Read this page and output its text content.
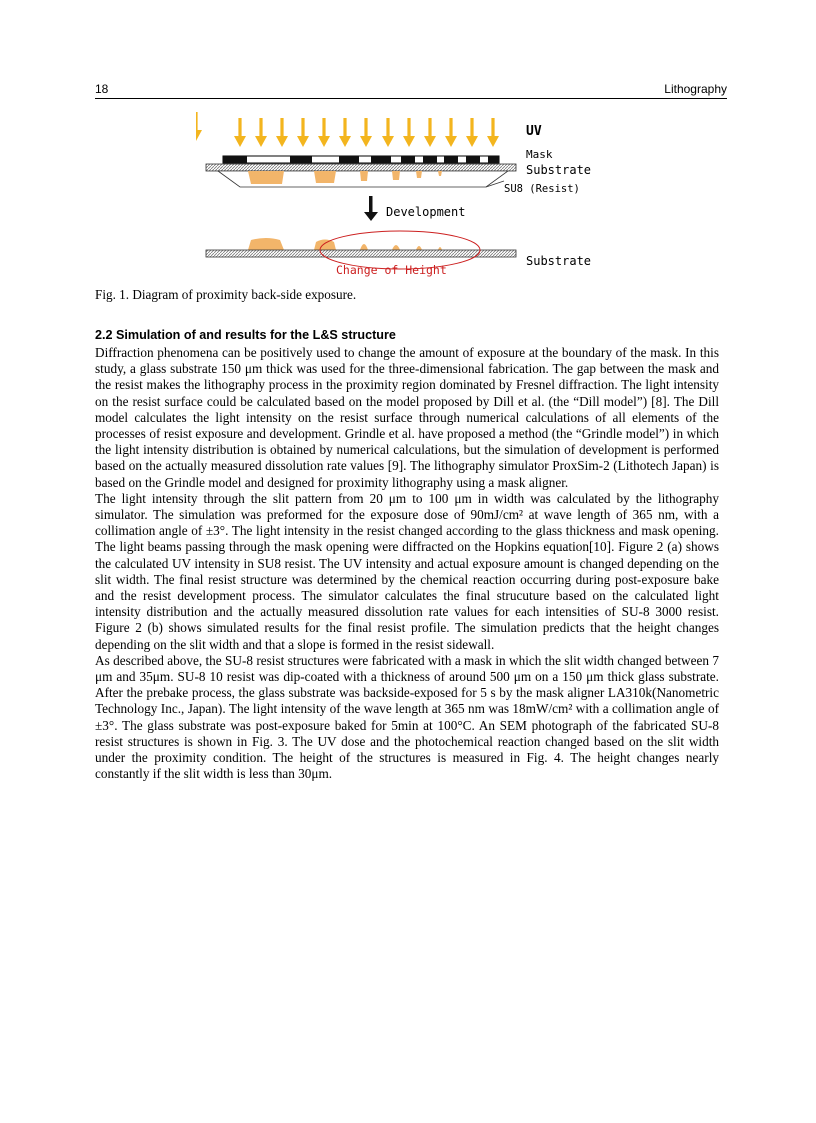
18	Lithography
UV
Mask
Substrate
SU8 (Resist)
Development
Substrate
Change of Height
Fig. 1. Diagram of proximity back-side exposure.
2.2 Simulation of and results for the L&S structure

Diffraction phenomena can be positively used to change the amount of exposure at the boundary of the mask. In this study, a glass substrate 150 μm thick was used for the three-dimensional fabrication. The gap between the mask and the resist makes the lithography process in the proximity region dominated by Fresnel diffraction. The light intensity on the resist surface could be calculated based on the model proposed by Dill et al. (the “Dill model”) [8]. The Dill model calculates the light intensity on the resist surface through numerical calculations of all elements of the processes of resist exposure and development. Grindle et al. have proposed a method (the “Grindle model”) in which the light intensity distribution is obtained by numerical calculations, but the simulation of development is performed based on the actually measured dissolution rate values [9]. The lithography simulator ProxSim-2 (Lithotech Japan) is based on the Grindle model and designed for proximity lithography using a mask aligner.

The light intensity through the slit pattern from 20 μm to 100 μm in width was calculated by the lithography simulator. The simulation was preformed for the exposure dose of 90mJ/cm² at wave length of 365 nm, with a collimation angle of ±3°. The light intensity in the resist changed according to the glass thickness and mask opening. The light beams passing through the mask opening were diffracted on the Hopkins equation[10]. Figure 2 (a) shows the calculated UV intensity in SU8 resist. The UV intensity and actual exposure amount is changed depending on the slit width. The final resist structure was determined by the chemical reaction occurring during post-exposure bake and the resist development process. The simulator calculates the final strucuture based on the calculated light intensity distribution and the actually measured dissolution rate values for each intensities of SU-8 3000 resist. Figure 2 (b) shows simulated results for the final resist profile. The simulation predicts that the height changes depending on the slit width and that a slope is formed in the resist sidewall.

As described above, the SU-8 resist structures were fabricated with a mask in which the slit width changed between 7 μm and 35μm. SU-8 10 resist was dip-coated with a thickness of around 500 μm on a 150 μm thick glass substrate. After the prebake process, the glass substrate was backside-exposed for 5 s by the mask aligner LA310k(Nanometric Technology Inc., Japan). The light intensity of the wave length at 365 nm was 18mW/cm² with a collimation angle of ±3°. The glass substrate was post-exposure baked for 5min at 100°C. An SEM photograph of the fabricated SU-8 resist structures is shown in Fig. 3. The UV dose and the photochemical reaction changed based on the slit width under the proximity condition. The height of the structures is measured in Fig. 4. The height changes nearly constantly if the slit width is less than 30μm.
